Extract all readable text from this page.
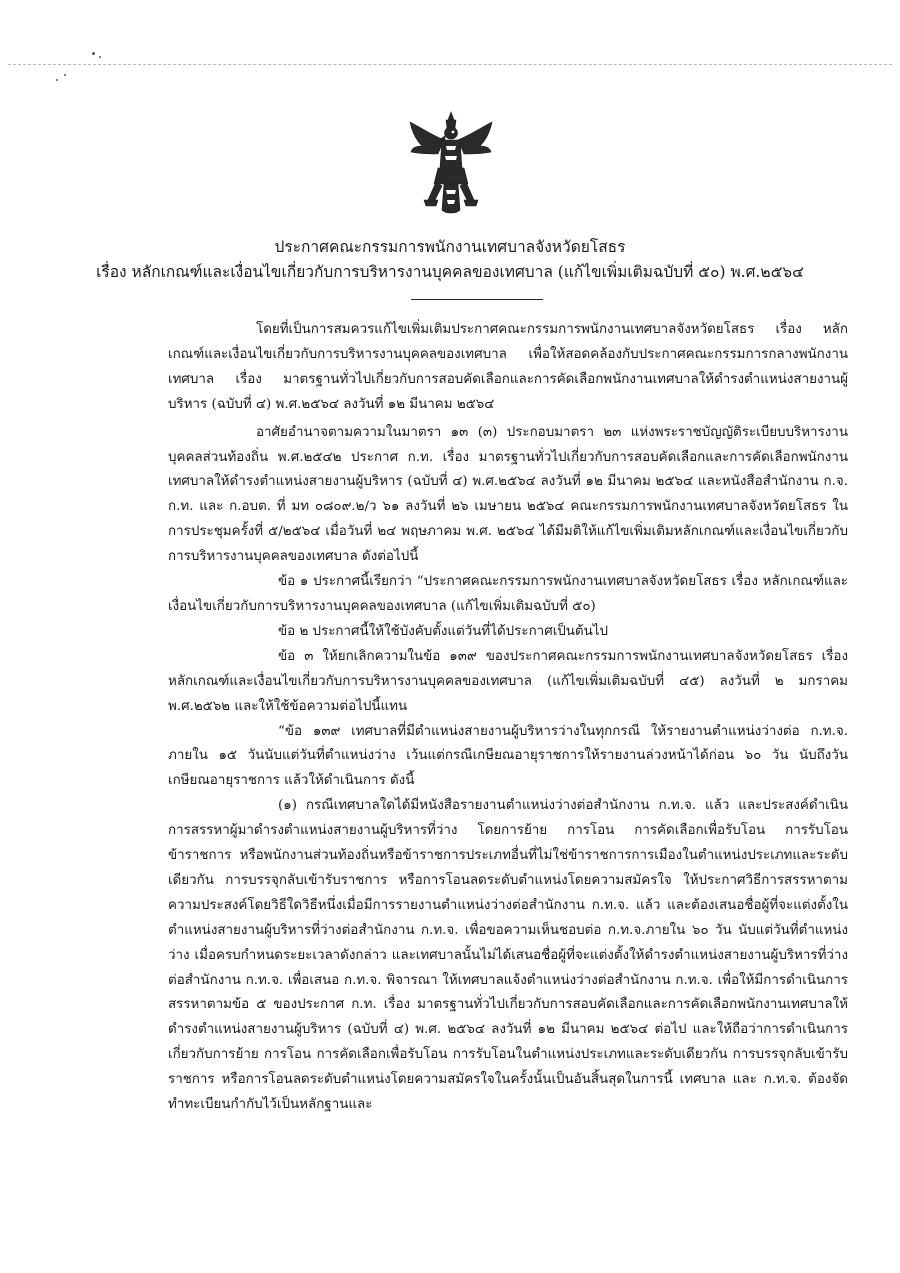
ประกาศคณะกรรมการพนักงานเทศบาลจังหวัดยโสธร
เรื่อง หลักเกณฑ์และเงื่อนไขเกี่ยวกับการบริหารงานบุคคลของเทศบาล (แก้ไขเพิ่มเติมฉบับที่ ๕๐) พ.ศ.๒๕๖๔

โดยที่เป็นการสมควรแก้ไขเพิ่มเติมประกาศคณะกรรมการพนักงานเทศบาลจังหวัดยโสธร เรื่อง หลักเกณฑ์และเงื่อนไขเกี่ยวกับการบริหารงานบุคคลของเทศบาล เพื่อให้สอดคล้องกับประกาศคณะกรรมการกลางพนักงานเทศบาล เรื่อง มาตรฐานทั่วไปเกี่ยวกับการสอบคัดเลือกและการคัดเลือกพนักงานเทศบาลให้ดำรงตำแหน่งสายงานผู้บริหาร (ฉบับที่ ๔) พ.ศ.๒๕๖๔ ลงวันที่ ๑๒ มีนาคม ๒๕๖๔

อาศัยอำนาจตามความในมาตรา ๑๓ (๓) ประกอบมาตรา ๒๓ แห่งพระราชบัญญัติระเบียบบริหารงานบุคคลส่วนท้องถิ่น พ.ศ.๒๕๔๒ ประกาศ ก.ท. เรื่อง มาตรฐานทั่วไปเกี่ยวกับการสอบคัดเลือกและการคัดเลือกพนักงานเทศบาลให้ดำรงตำแหน่งสายงานผู้บริหาร (ฉบับที่ ๔) พ.ศ.๒๕๖๔ ลงวันที่ ๑๒ มีนาคม ๒๕๖๔ และหนังสือสำนักงาน ก.จ. ก.ท. และ ก.อบต. ที่ มท ๐๘๐๙.๒/ว ๖๑ ลงวันที่ ๒๖ เมษายน ๒๕๖๔ คณะกรรมการพนักงานเทศบาลจังหวัดยโสธร ในการประชุมครั้งที่ ๕/๒๕๖๔ เมื่อวันที่ ๒๔ พฤษภาคม พ.ศ. ๒๕๖๔ ได้มีมติให้แก้ไขเพิ่มเติมหลักเกณฑ์และเงื่อนไขเกี่ยวกับการบริหารงานบุคคลของเทศบาล ดังต่อไปนี้

ข้อ ๑ ประกาศนี้เรียกว่า “ประกาศคณะกรรมการพนักงานเทศบาลจังหวัดยโสธร เรื่อง หลักเกณฑ์และเงื่อนไขเกี่ยวกับการบริหารงานบุคคลของเทศบาล (แก้ไขเพิ่มเติมฉบับที่ ๕๐)

ข้อ ๒ ประกาศนี้ให้ใช้บังคับตั้งแต่วันที่ได้ประกาศเป็นต้นไป

ข้อ ๓ ให้ยกเลิกความในข้อ ๑๓๙ ของประกาศคณะกรรมการพนักงานเทศบาลจังหวัดยโสธร เรื่อง หลักเกณฑ์และเงื่อนไขเกี่ยวกับการบริหารงานบุคคลของเทศบาล (แก้ไขเพิ่มเติมฉบับที่ ๔๕) ลงวันที่ ๒ มกราคม พ.ศ.๒๕๖๒ และให้ใช้ข้อความต่อไปนี้แทน

“ข้อ ๑๓๙ เทศบาลที่มีตำแหน่งสายงานผู้บริหารว่างในทุกกรณี ให้รายงานตำแหน่งว่างต่อ ก.ท.จ. ภายใน ๑๕ วันนับแต่วันที่ตำแหน่งว่าง เว้นแต่กรณีเกษียณอายุราชการให้รายงานล่วงหน้าได้ก่อน ๖๐ วัน นับถึงวันเกษียณอายุราชการ แล้วให้ดำเนินการ ดังนี้

(๑) กรณีเทศบาลใดได้มีหนังสือรายงานตำแหน่งว่างต่อสำนักงาน ก.ท.จ. แล้ว และประสงค์ดำเนินการสรรหาผู้มาดำรงตำแหน่งสายงานผู้บริหารที่ว่าง โดยการย้าย การโอน การคัดเลือกเพื่อรับโอน การรับโอนข้าราชการ หรือพนักงานส่วนท้องถิ่นหรือข้าราชการประเภทอื่นที่ไม่ใช่ข้าราชการการเมืองในตำแหน่งประเภทและระดับเดียวกัน การบรรจุกลับเข้ารับราชการ หรือการโอนลดระดับตำแหน่งโดยความสมัครใจ ให้ประกาศวิธีการสรรหาตามความประสงค์โดยวิธีใดวิธีหนึ่งเมื่อมีการรายงานตำแหน่งว่างต่อสำนักงาน ก.ท.จ. แล้ว และต้องเสนอชื่อผู้ที่จะแต่งตั้งในตำแหน่งสายงานผู้บริหารที่ว่างต่อสำนักงาน ก.ท.จ. เพื่อขอความเห็นชอบต่อ ก.ท.จ.ภายใน ๖๐ วัน นับแต่วันที่ตำแหน่งว่าง เมื่อครบกำหนดระยะเวลาดังกล่าว และเทศบาลนั้นไม่ได้เสนอชื่อผู้ที่จะแต่งตั้งให้ดำรงตำแหน่งสายงานผู้บริหารที่ว่างต่อสำนักงาน ก.ท.จ. เพื่อเสนอ ก.ท.จ. พิจารณา ให้เทศบาลแจ้งตำแหน่งว่างต่อสำนักงาน ก.ท.จ. เพื่อให้มีการดำเนินการสรรหาตามข้อ ๕ ของประกาศ ก.ท. เรื่อง มาตรฐานทั่วไปเกี่ยวกับการสอบคัดเลือกและการคัดเลือกพนักงานเทศบาลให้ดำรงตำแหน่งสายงานผู้บริหาร (ฉบับที่ ๔) พ.ศ. ๒๕๖๔ ลงวันที่ ๑๒ มีนาคม ๒๕๖๔ ต่อไป และให้ถือว่าการดำเนินการเกี่ยวกับการย้าย การโอน การคัดเลือกเพื่อรับโอน การรับโอนในตำแหน่งประเภทและระดับเดียวกัน การบรรจุกลับเข้ารับราชการ หรือการโอนลดระดับตำแหน่งโดยความสมัครใจในครั้งนั้นเป็นอันสิ้นสุดในการนี้ เทศบาล และ ก.ท.จ. ต้องจัดทำทะเบียนกำกับไว้เป็นหลักฐานและ
